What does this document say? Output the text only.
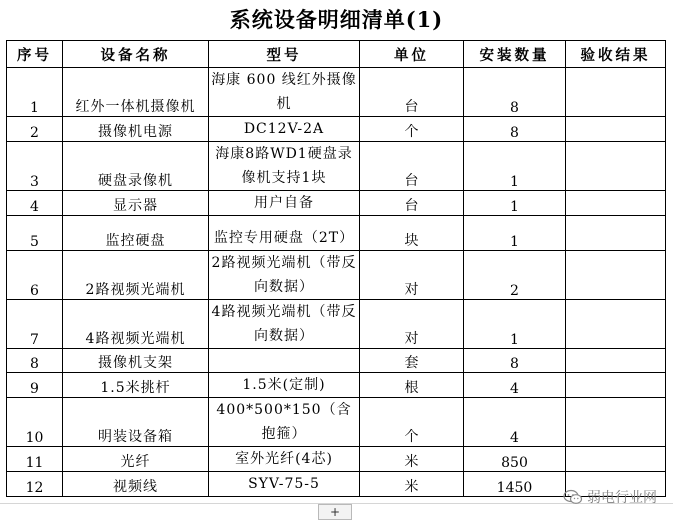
系统设备明细清单(1)
序号	设备名称	型号	单位	安装数量	验收结果
1	红外一体机摄像机	海康 600 线红外摄像机	台	8	
2	摄像机电源	DC12V-2A	个	8	
3	硬盘录像机	海康8路WD1硬盘录像机支持1块	台	1	
4	显示器	用户自备	台	1	
5	监控硬盘	监控专用硬盘（2T）	块	1	
6	2路视频光端机	2路视频光端机（带反向数据）	对	2	
7	4路视频光端机	4路视频光端机（带反向数据）	对	1	
8	摄像机支架		套	8	
9	1.5米挑杆	1.5米(定制)	根	4	
10	明装设备箱	400*500*150（含抱箍）	个	4	
11	光纤	室外光纤(4芯)	米	850	
12	视频线	SYV-75-5	米	1450	
+
弱电行业网
